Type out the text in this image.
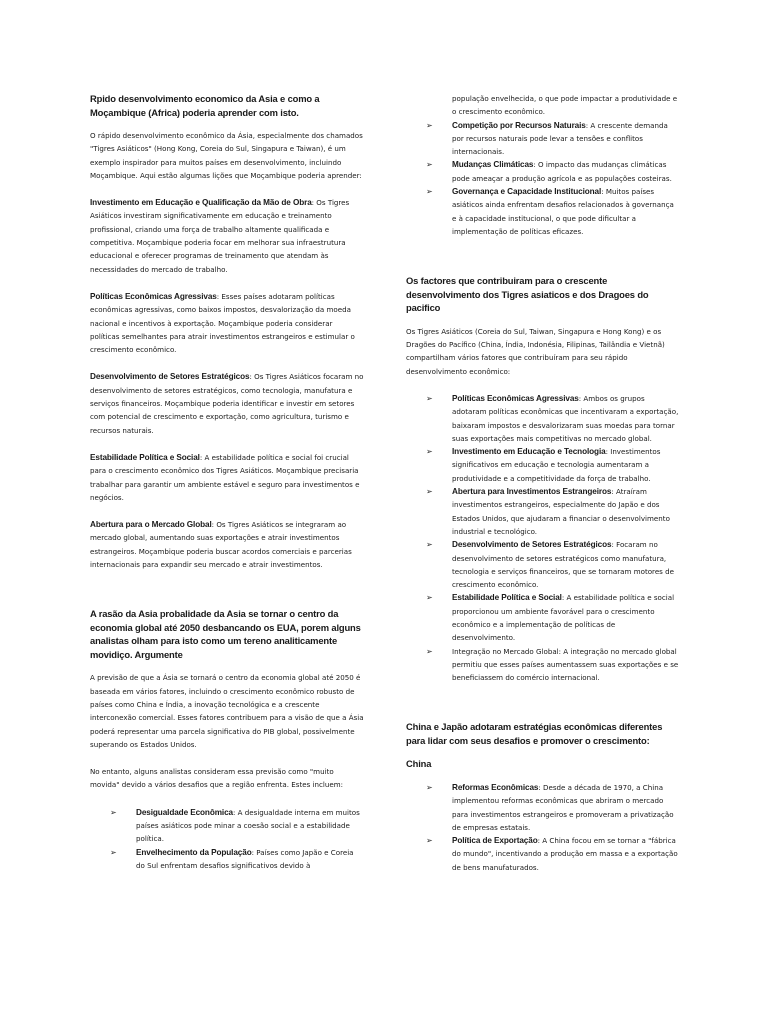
Rpido desenvolvimento economico da Asia e como a Moçambique (Africa) poderia aprender com isto.

O rápido desenvolvimento econômico da Ásia, especialmente dos chamados "Tigres Asiáticos" (Hong Kong, Coreia do Sul, Singapura e Taiwan), é um exemplo inspirador para muitos países em desenvolvimento, incluindo Moçambique. Aqui estão algumas lições que Moçambique poderia aprender:

Investimento em Educação e Qualificação da Mão de Obra: Os Tigres Asiáticos investiram significativamente em educação e treinamento profissional, criando uma força de trabalho altamente qualificada e competitiva. Moçambique poderia focar em melhorar sua infraestrutura educacional e oferecer programas de treinamento que atendam às necessidades do mercado de trabalho.

Políticas Econômicas Agressivas: Esses países adotaram políticas econômicas agressivas, como baixos impostos, desvalorização da moeda nacional e incentivos à exportação. Moçambique poderia considerar políticas semelhantes para atrair investimentos estrangeiros e estimular o crescimento econômico.

Desenvolvimento de Setores Estratégicos: Os Tigres Asiáticos focaram no desenvolvimento de setores estratégicos, como tecnologia, manufatura e serviços financeiros. Moçambique poderia identificar e investir em setores com potencial de crescimento e exportação, como agricultura, turismo e recursos naturais.

Estabilidade Política e Social: A estabilidade política e social foi crucial para o crescimento econômico dos Tigres Asiáticos. Moçambique precisaria trabalhar para garantir um ambiente estável e seguro para investimentos e negócios.

Abertura para o Mercado Global: Os Tigres Asiáticos se integraram ao mercado global, aumentando suas exportações e atrair investimentos estrangeiros. Moçambique poderia buscar acordos comerciais e parcerias internacionais para expandir seu mercado e atrair investimentos.

A rasão da Asia probalidade da Asia se tornar o centro da economia global até 2050 desbancando os EUA, porem alguns analistas olham para isto como um tereno analiticamente movidiço. Argumente

A previsão de que a Ásia se tornará o centro da economia global até 2050 é baseada em vários fatores, incluindo o crescimento econômico robusto de países como China e Índia, a inovação tecnológica e a crescente interconexão comercial. Esses fatores contribuem para a visão de que a Ásia poderá representar uma parcela significativa do PIB global, possivelmente superando os Estados Unidos.

No entanto, alguns analistas consideram essa previsão como "muito movida" devido a vários desafios que a região enfrenta. Estes incluem:

➢ Desigualdade Econômica: A desigualdade interna em muitos países asiáticos pode minar a coesão social e a estabilidade política.
➢ Envelhecimento da População: Países como Japão e Coreia do Sul enfrentam desafios significativos devido à
população envelhecida, o que pode impactar a produtividade e o crescimento econômico.
➢ Competição por Recursos Naturais: A crescente demanda por recursos naturais pode levar a tensões e conflitos internacionais.
➢ Mudanças Climáticas: O impacto das mudanças climáticas pode ameaçar a produção agrícola e as populações costeiras.
➢ Governança e Capacidade Institucional: Muitos países asiáticos ainda enfrentam desafios relacionados à governança e à capacidade institucional, o que pode dificultar a implementação de políticas eficazes.
Os factores que contribuiram para o crescente desenvolvimento dos Tigres asiaticos e dos Dragoes do pacifico

Os Tigres Asiáticos (Coreia do Sul, Taiwan, Singapura e Hong Kong) e os Dragões do Pacífico (China, Índia, Indonésia, Filipinas, Tailândia e Vietnã) compartilham vários fatores que contribuíram para seu rápido desenvolvimento econômico:

➢ Políticas Econômicas Agressivas: Ambos os grupos adotaram políticas econômicas que incentivaram a exportação, baixaram impostos e desvalorizaram suas moedas para tornar suas exportações mais competitivas no mercado global.
➢ Investimento em Educação e Tecnologia: Investimentos significativos em educação e tecnologia aumentaram a produtividade e a competitividade da força de trabalho.
➢ Abertura para Investimentos Estrangeiros: Atraíram investimentos estrangeiros, especialmente do Japão e dos Estados Unidos, que ajudaram a financiar o desenvolvimento industrial e tecnológico.
➢ Desenvolvimento de Setores Estratégicos: Focaram no desenvolvimento de setores estratégicos como manufatura, tecnologia e serviços financeiros, que se tornaram motores de crescimento econômico.
➢ Estabilidade Política e Social: A estabilidade política e social proporcionou um ambiente favorável para o crescimento econômico e a implementação de políticas de desenvolvimento.
➢	Integração no Mercado Global: A integração no mercado global permitiu que esses países aumentassem suas exportações e se beneficiassem do comércio internacional.
China e Japão adotaram estratégias econômicas diferentes para lidar com seus desafios e promover o crescimento:
China
➢ Reformas Econômicas: Desde a década de 1970, a China implementou reformas econômicas que abriram o mercado para investimentos estrangeiros e promoveram a privatização de empresas estatais.
➢ Política de Exportação: A China focou em se tornar a "fábrica do mundo", incentivando a produção em massa e a exportação de bens manufaturados.
